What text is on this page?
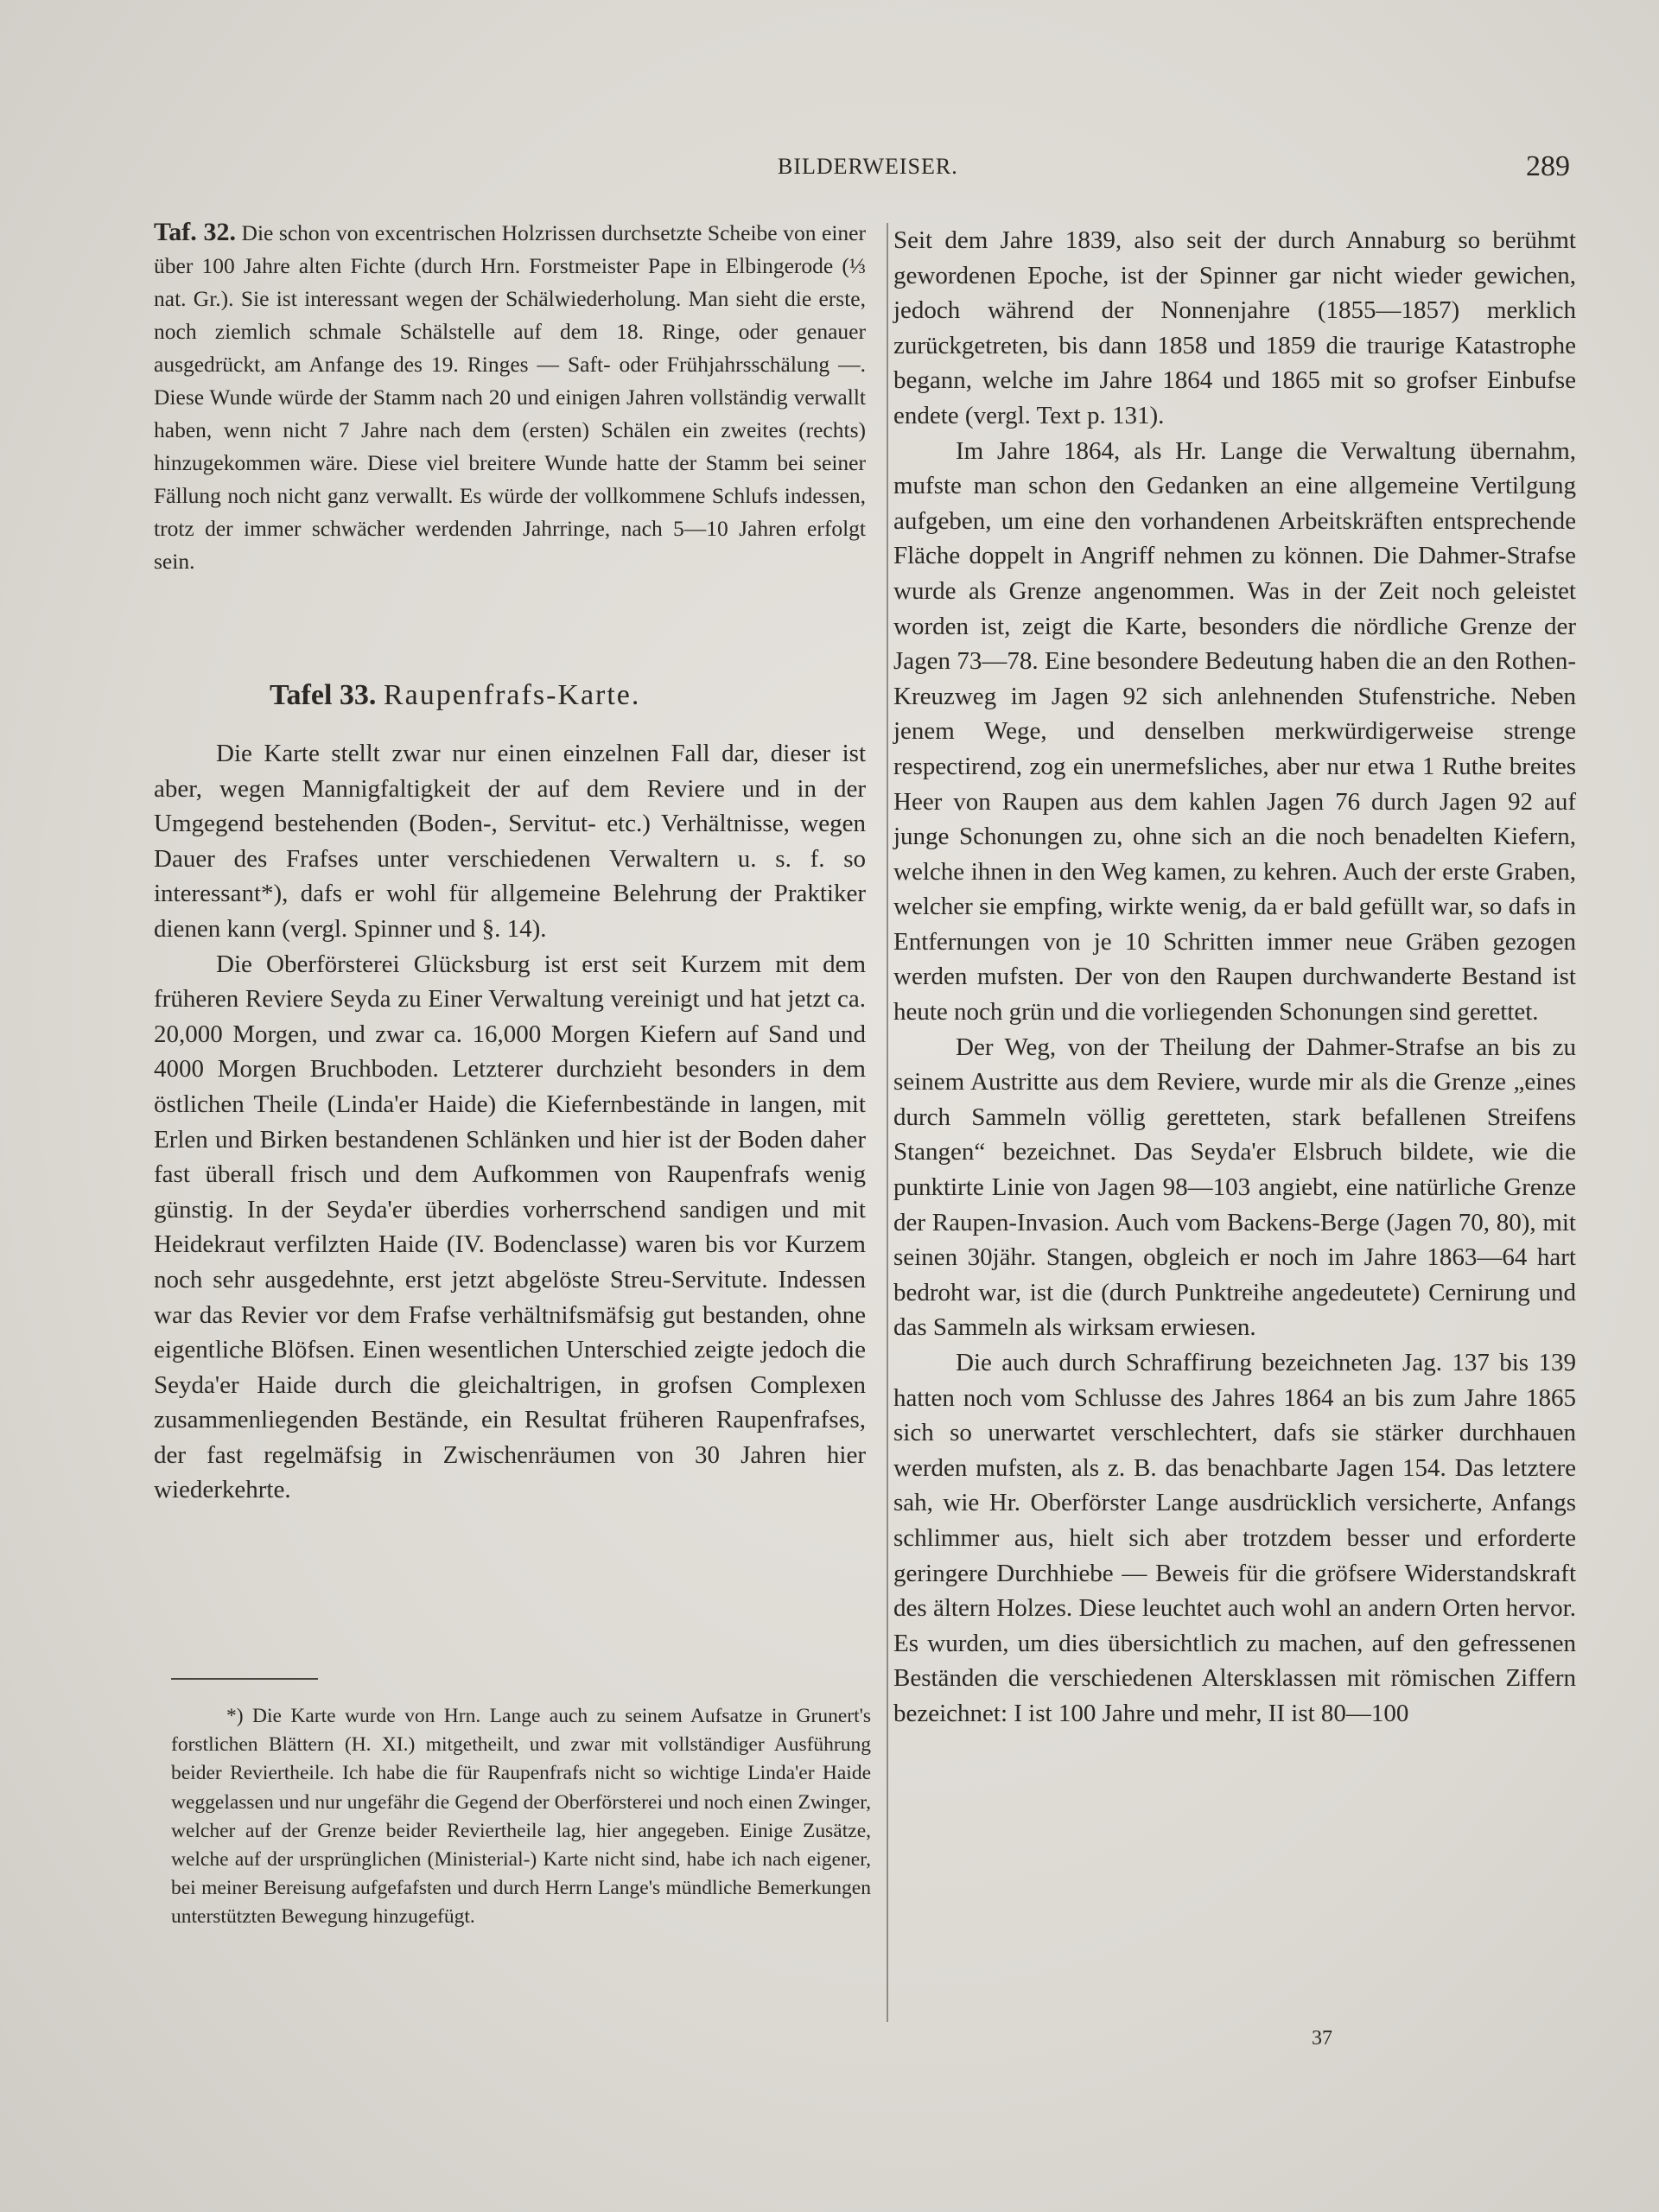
BILDERWEISER.	289
Taf. 32. Die schon von excentrischen Holzrissen durchsetzte Scheibe von einer über 100 Jahre alten Fichte (durch Hrn. Forstmeister Pape in Elbingerode (⅓ nat. Gr.). Sie ist interessant wegen der Schälwiederholung. Man sieht die erste, noch ziemlich schmale Schälstelle auf dem 18. Ringe, oder genauer ausgedrückt, am Anfange des 19. Ringes — Saft- oder Frühjahrsschälung —. Diese Wunde würde der Stamm nach 20 und einigen Jahren vollständig verwallt haben, wenn nicht 7 Jahre nach dem (ersten) Schälen ein zweites (rechts) hinzugekommen wäre. Diese viel breitere Wunde hatte der Stamm bei seiner Fällung noch nicht ganz verwallt. Es würde der vollkommene Schlufs indessen, trotz der immer schwächer werdenden Jahrringe, nach 5—10 Jahren erfolgt sein.
Tafel 33. Raupenfrafs-Karte.

Die Karte stellt zwar nur einen einzelnen Fall dar, dieser ist aber, wegen Mannigfaltigkeit der auf dem Reviere und in der Umgegend bestehenden (Boden-, Servitut- etc.) Verhältnisse, wegen Dauer des Frafses unter verschiedenen Verwaltern u. s. f. so interessant*), dafs er wohl für allgemeine Belehrung der Praktiker dienen kann (vergl. Spinner und §. 14).

Die Oberförsterei Glücksburg ist erst seit Kurzem mit dem früheren Reviere Seyda zu Einer Verwaltung vereinigt und hat jetzt ca. 20,000 Morgen, und zwar ca. 16,000 Morgen Kiefern auf Sand und 4000 Morgen Bruchboden. Letzterer durchzieht besonders in dem östlichen Theile (Linda'er Haide) die Kiefernbestände in langen, mit Erlen und Birken bestandenen Schlänken und hier ist der Boden daher fast überall frisch und dem Aufkommen von Raupenfrafs wenig günstig. In der Seyda'er überdies vorherrschend sandigen und mit Heidekraut verfilzten Haide (IV. Bodenclasse) waren bis vor Kurzem noch sehr ausgedehnte, erst jetzt abgelöste Streu-Servitute. Indessen war das Revier vor dem Frafse verhältnifsmäfsig gut bestanden, ohne eigentliche Blöfsen. Einen wesentlichen Unterschied zeigte jedoch die Seyda'er Haide durch die gleichaltrigen, in grofsen Complexen zusammenliegenden Bestände, ein Resultat früheren Raupenfrafses, der fast regelmäfsig in Zwischenräumen von 30 Jahren hier wiederkehrte.

*) Die Karte wurde von Hrn. Lange auch zu seinem Aufsatze in Grunert's forstlichen Blättern (H. XI.) mitgetheilt, und zwar mit vollständiger Ausführung beider Reviertheile. Ich habe die für Raupenfrafs nicht so wichtige Linda'er Haide weggelassen und nur ungefähr die Gegend der Oberförsterei und noch einen Zwinger, welcher auf der Grenze beider Reviertheile lag, hier angegeben. Einige Zusätze, welche auf der ursprünglichen (Ministerial-) Karte nicht sind, habe ich nach eigener, bei meiner Bereisung aufgefafsten und durch Herrn Lange's mündliche Bemerkungen unterstützten Bewegung hinzugefügt.

Seit dem Jahre 1839, also seit der durch Annaburg so berühmt gewordenen Epoche, ist der Spinner gar nicht wieder gewichen, jedoch während der Nonnenjahre (1855—1857) merklich zurückgetreten, bis dann 1858 und 1859 die traurige Katastrophe begann, welche im Jahre 1864 und 1865 mit so grofser Einbufse endete (vergl. Text p. 131).

Im Jahre 1864, als Hr. Lange die Verwaltung übernahm, mufste man schon den Gedanken an eine allgemeine Vertilgung aufgeben, um eine den vorhandenen Arbeitskräften entsprechende Fläche doppelt in Angriff nehmen zu können. Die Dahmer-Strafse wurde als Grenze angenommen. Was in der Zeit noch geleistet worden ist, zeigt die Karte, besonders die nördliche Grenze der Jagen 73—78. Eine besondere Bedeutung haben die an den Rothen-Kreuzweg im Jagen 92 sich anlehnenden Stufenstriche. Neben jenem Wege, und denselben merkwürdigerweise strenge respectirend, zog ein unermefsliches, aber nur etwa 1 Ruthe breites Heer von Raupen aus dem kahlen Jagen 76 durch Jagen 92 auf junge Schonungen zu, ohne sich an die noch benadelten Kiefern, welche ihnen in den Weg kamen, zu kehren. Auch der erste Graben, welcher sie empfing, wirkte wenig, da er bald gefüllt war, so dafs in Entfernungen von je 10 Schritten immer neue Gräben gezogen werden mufsten. Der von den Raupen durchwanderte Bestand ist heute noch grün und die vorliegenden Schonungen sind gerettet.

Der Weg, von der Theilung der Dahmer-Strafse an bis zu seinem Austritte aus dem Reviere, wurde mir als die Grenze „eines durch Sammeln völlig geretteten, stark befallenen Streifens Stangen“ bezeichnet. Das Seyda'er Elsbruch bildete, wie die punktirte Linie von Jagen 98—103 angiebt, eine natürliche Grenze der Raupen-Invasion. Auch vom Backens-Berge (Jagen 70, 80), mit seinen 30jähr. Stangen, obgleich er noch im Jahre 1863—64 hart bedroht war, ist die (durch Punktreihe angedeutete) Cernirung und das Sammeln als wirksam erwiesen.

Die auch durch Schraffirung bezeichneten Jag. 137 bis 139 hatten noch vom Schlusse des Jahres 1864 an bis zum Jahre 1865 sich so unerwartet verschlechtert, dafs sie stärker durchhauen werden mufsten, als z. B. das benachbarte Jagen 154. Das letztere sah, wie Hr. Oberförster Lange ausdrücklich versicherte, Anfangs schlimmer aus, hielt sich aber trotzdem besser und erforderte geringere Durchhiebe — Beweis für die gröfsere Widerstandskraft des ältern Holzes. Diese leuchtet auch wohl an andern Orten hervor. Es wurden, um dies übersichtlich zu machen, auf den gefressenen Beständen die verschiedenen Altersklassen mit römischen Ziffern bezeichnet: I ist 100 Jahre und mehr, II ist 80—100

37
